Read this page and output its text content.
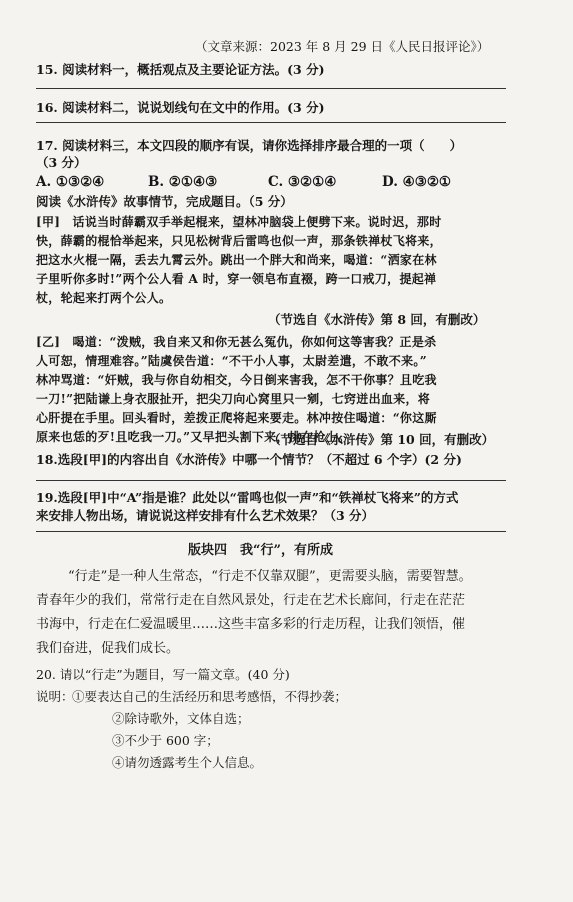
（文章来源：2023 年 8 月 29 日《人民日报评论》）
15. 阅读材料一，概括观点及主要论证方法。(3 分)
16. 阅读材料二，说说划线句在文中的作用。(3 分)
17. 阅读材料三，本文四段的顺序有误，请你选择排序最合理的一项（　　）
（3 分）
A. ①③②④	B. ②①④③	C. ③②①④	D. ④③②①
阅读《水浒传》故事情节，完成题目。（5 分）
[甲]　话说当时薛霸双手举起棍来，望林冲脑袋上便劈下来。说时迟，那时
快，薛霸的棍恰举起来，只见松树背后雷鸣也似一声，那条铁禅杖飞将来，
把这水火棍一隔，丢去九霄云外。跳出一个胖大和尚来，喝道：“洒家在林
子里听你多时!”两个公人看 A 时，穿一领皂布直裰，跨一口戒刀，提起禅
杖，轮起来打两个公人。
（节选自《水浒传》第 8 回，有删改）
[乙]　喝道：“泼贼，我自来又和你无甚么冤仇，你如何这等害我？正是杀
人可恕，情理难容。”陆虞侯告道：“不干小人事，太尉差遣，不敢不来。”
林冲骂道：“奸贼，我与你自幼相交，今日倒来害我，怎不干你事？且吃我
一刀!”把陆谦上身衣服扯开，把尖刀向心窝里只一剜，七窍迸出血来，将
心肝提在手里。回头看时，差拨正爬将起来要走。林冲按住喝道：“你这厮
原来也恁的歹!且吃我一刀。”又早把头割下来，挑在枪上。
（节选自《水浒传》第 10 回，有删改）
18.选段[甲]的内容出自《水浒传》中哪一个情节？（不超过 6 个字）(2 分)
19.选段[甲]中“A”指是谁？此处以“雷鸣也似一声”和“铁禅杖飞将来”的方式
来安排人物出场，请说说这样安排有什么艺术效果？（3 分）
版块四　我“行”，有所成
“行走”是一种人生常态，“行走不仅靠双腿”，更需要头脑，需要智慧。
青春年少的我们，常常行走在自然风景处，行走在艺术长廊间，行走在茫茫
书海中，行走在仁爱温暖里……这些丰富多彩的行走历程，让我们领悟，催
我们奋进，促我们成长。
20. 请以“行走”为题目，写一篇文章。(40 分)
说明：
①要表达自己的生活经历和思考感悟，不得抄袭；
②除诗歌外，文体自选；
③不少于 600 字；
④请勿透露考生个人信息。
